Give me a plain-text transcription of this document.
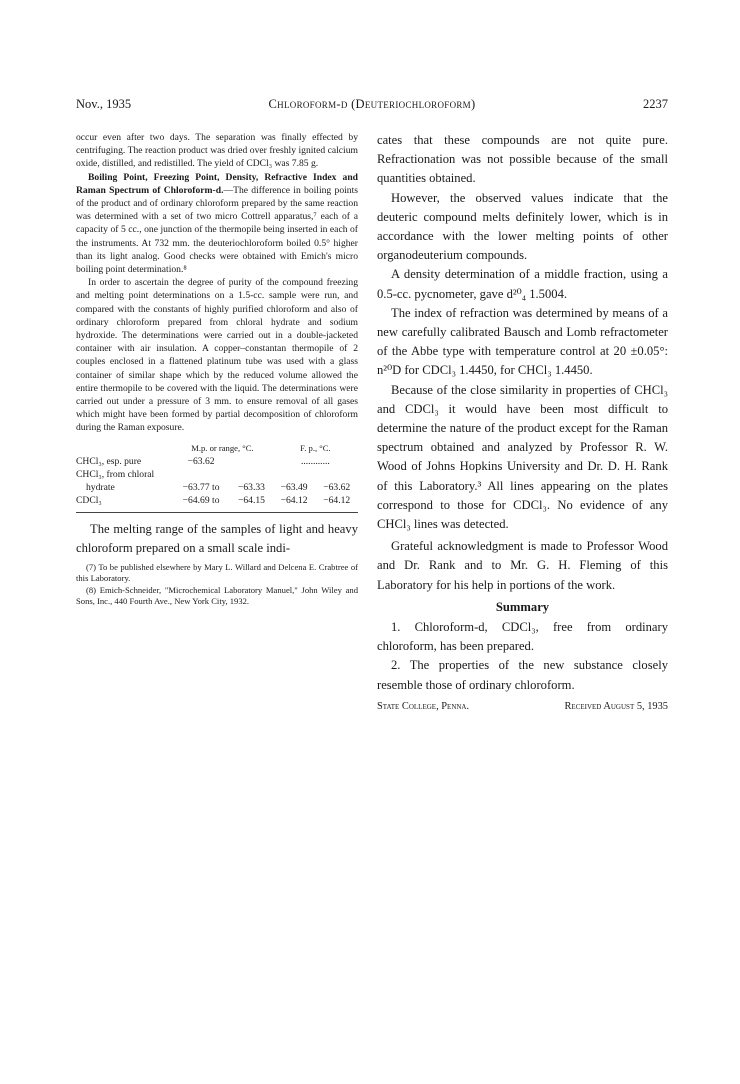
Nov., 1935	Chloroform-d (Deuteriochloroform)	2237

occur even after two days. The separation was finally effected by centrifuging. The reaction product was dried over freshly ignited calcium oxide, distilled, and redistilled. The yield of CDCl₃ was 7.85 g.

Boiling Point, Freezing Point, Density, Refractive Index and Raman Spectrum of Chloroform-d.—The difference in boiling points of the product and of ordinary chloroform prepared by the same reaction was determined with a set of two micro Cottrell apparatus,⁷ each of a capacity of 5 cc., one junction of the thermopile being inserted in each of the instruments. At 732 mm. the deuteriochloroform boiled 0.5° higher than its light analog. Good checks were obtained with Emich's micro boiling point determination.⁸

In order to ascertain the degree of purity of the compound freezing and melting point determinations on a 1.5-cc. sample were run, and compared with the constants of highly purified chloroform and also of ordinary chloroform prepared from chloral hydrate and sodium hydroxide. The determinations were carried out in a double-jacketed container with air insulation. A copper–constantan thermopile of 2 couples enclosed in a flattened platinum tube was used with a glass container of similar shape which by the reduced volume allowed the entire thermopile to be covered with the liquid. The determinations were carried out under a pressure of 3 mm. to ensure removal of all gases which might have been formed by partial decomposition of chloroform during the Raman exposure.

	M.p. or range, °C.		F. p., °C.	
CHCl₃, esp. pure	−63.62		............	
CHCl₃, from chloral				
hydrate	−63.77 to	−63.33	−63.49	−63.62
CDCl₃	−64.69 to	−64.15	−64.12	−64.12

The melting range of the samples of light and heavy chloroform prepared on a small scale indi-

(7) To be published elsewhere by Mary L. Willard and Delcena E. Crabtree of this Laboratory.

(8) Emich-Schneider, "Microchemical Laboratory Manuel," John Wiley and Sons, Inc., 440 Fourth Ave., New York City, 1932.

cates that these compounds are not quite pure. Refractionation was not possible because of the small quantities obtained.

However, the observed values indicate that the deuteric compound melts definitely lower, which is in accordance with the lower melting points of other organodeuterium compounds.

A density determination of a middle fraction, using a 0.5-cc. pycnometer, gave d²⁰₄ 1.5004.

The index of refraction was determined by means of a new carefully calibrated Bausch and Lomb refractometer of the Abbe type with temperature control at 20 ±0.05°: n²⁰D for CDCl₃ 1.4450, for CHCl₃ 1.4450.

Because of the close similarity in properties of CHCl₃ and CDCl₃ it would have been most difficult to determine the nature of the product except for the Raman spectrum obtained and analyzed by Professor R. W. Wood of Johns Hopkins University and Dr. D. H. Rank of this Laboratory.³ All lines appearing on the plates correspond to those for CDCl₃. No evidence of any CHCl₃ lines was detected.

Grateful acknowledgment is made to Professor Wood and Dr. Rank and to Mr. G. H. Fleming of this Laboratory for his help in portions of the work.

Summary

1. Chloroform-d, CDCl₃, free from ordinary chloroform, has been prepared.

2. The properties of the new substance closely resemble those of ordinary chloroform.

State College, Penna.	Received August 5, 1935
